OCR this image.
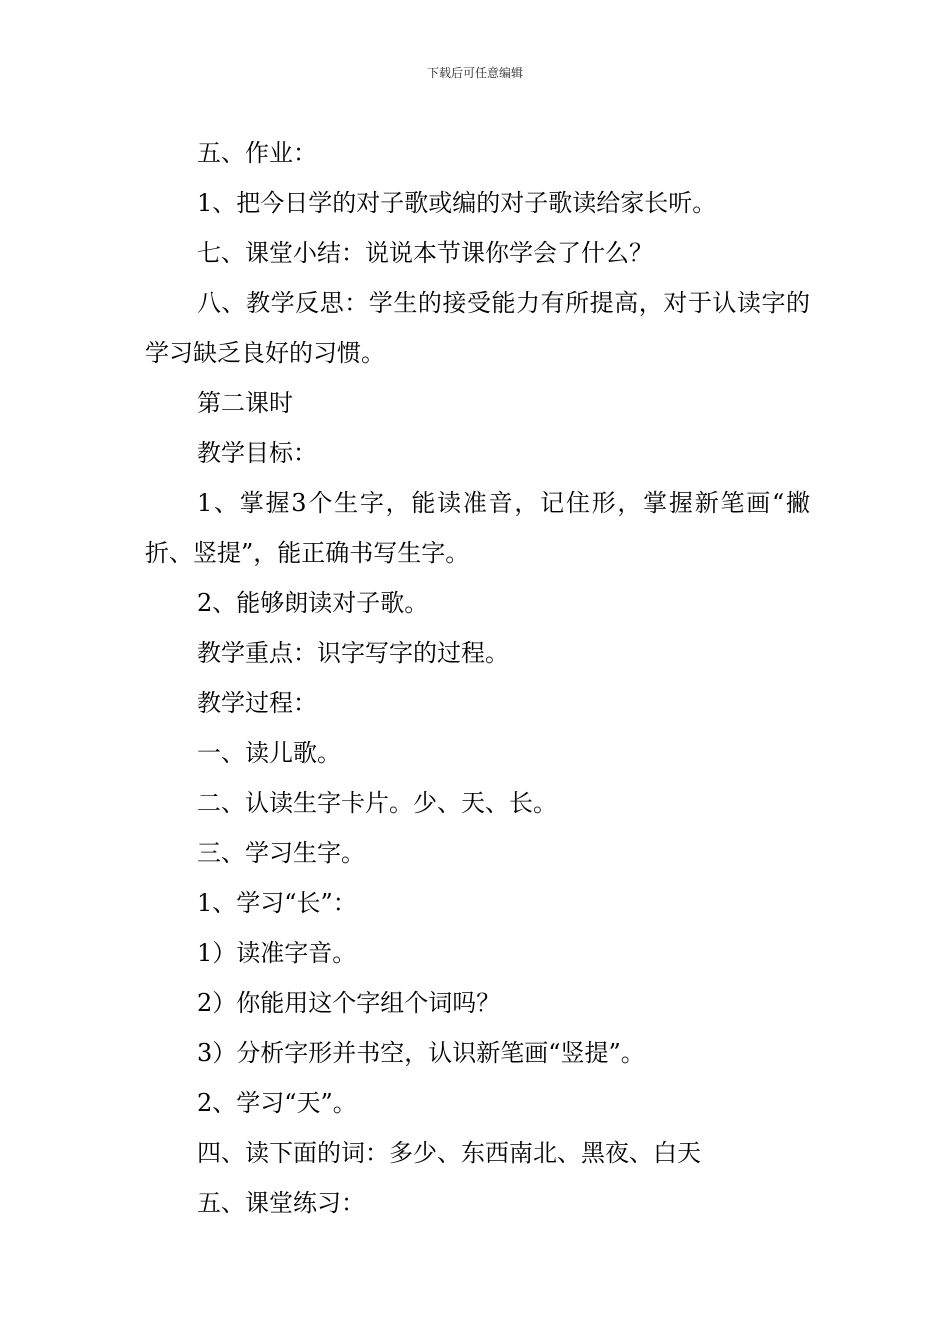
下载后可任意编辑

五、作业：

1、把今日学的对子歌或编的对子歌读给家长听。

七、课堂小结：说说本节课你学会了什么？

八、教学反思：学生的接受能力有所提高，对于认读字的学习缺乏良好的习惯。

第二课时

教学目标：

1、掌握3个生字，能读准音，记住形，掌握新笔画“撇折、竖提”，能正确书写生字。

2、能够朗读对子歌。

教学重点：识字写字的过程。

教学过程：

一、读儿歌。

二、认读生字卡片。少、天、长。

三、学习生字。

1、学习“长”：

1）读准字音。

2）你能用这个字组个词吗？

3）分析字形并书空，认识新笔画“竖提”。

2、学习“天”。

四、读下面的词：多少、东西南北、黑夜、白天

五、课堂练习：
